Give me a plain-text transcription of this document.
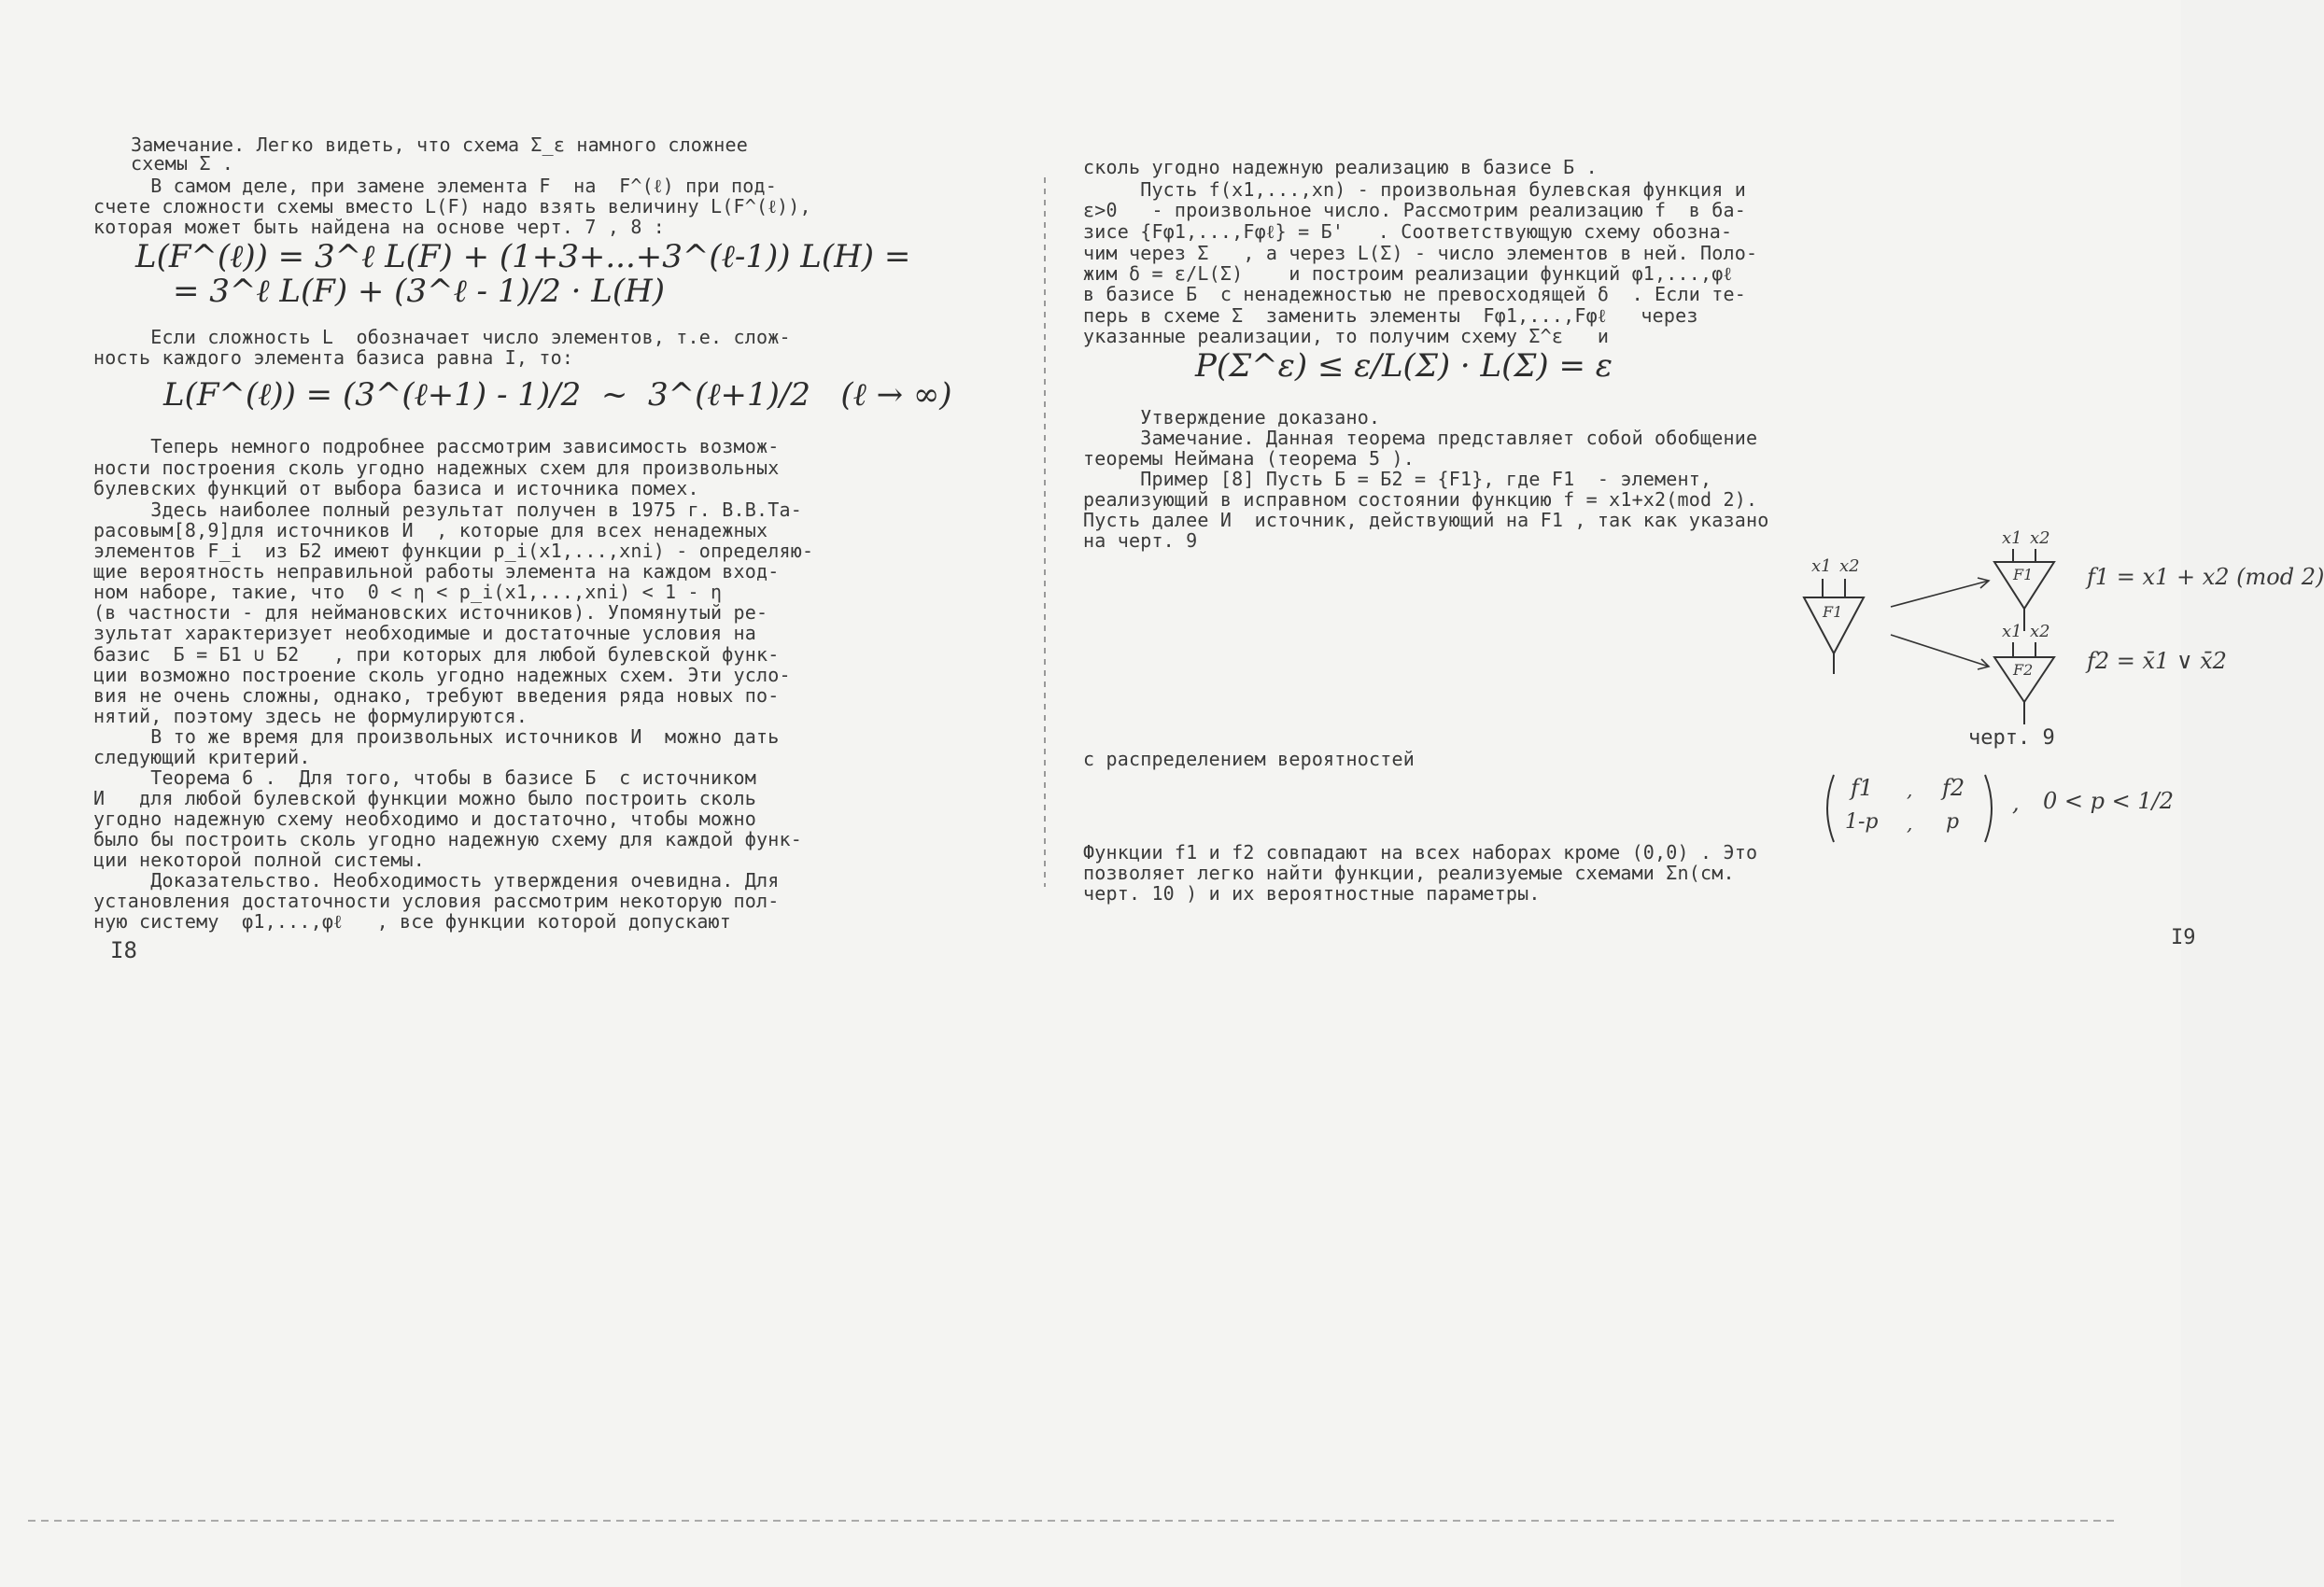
Замечание. Легко видеть, что схема Σ_ε намного сложнее
схемы Σ .
В самом деле, при замене элемента F  на  F^(ℓ) при под-
счете сложности схемы вместо L(F) надо взять величину L(F^(ℓ)),
которая может быть найдена на основе черт. 7 , 8 :
L(F^(ℓ)) = 3^ℓ L(F) + (1+3+...+3^(ℓ-1)) L(H) =
= 3^ℓ L(F) + (3^ℓ - 1)/2 · L(H)
Если сложность L  обозначает число элементов, т.е. слож-
ность каждого элемента базиса равна I, то:
L(F^(ℓ)) = (3^(ℓ+1) - 1)/2  ~  3^(ℓ+1)/2   (ℓ → ∞)
Теперь немного подробнее рассмотрим зависимость возмож-
ности построения сколь угодно надежных схем для произвольных
булевских функций от выбора базиса и источника помех.
Здесь наиболее полный результат получен в 1975 г. В.В.Та-
расовым[8,9]для источников И  , которые для всех ненадежных
элементов F_i  из Б2 имеют функции p_i(x1,...,xni) - определяю-
щие вероятность неправильной работы элемента на каждом вход-
ном наборе, такие, что  0 < η < p_i(x1,...,xni) < 1 - η
(в частности - для неймановских источников). Упомянутый ре-
зультат характеризует необходимые и достаточные условия на
базис  Б = Б1 ∪ Б2   , при которых для любой булевской функ-
ции возможно построение сколь угодно надежных схем. Эти усло-
вия не очень сложны, однако, требуют введения ряда новых по-
нятий, поэтому здесь не формулируются.
В то же время для произвольных источников И  можно дать
следующий критерий.
Теорема 6 .  Для того, чтобы в базисе Б  с источником
И   для любой булевской функции можно было построить сколь
угодно надежную схему необходимо и достаточно, чтобы можно
было бы построить сколь угодно надежную схему для каждой функ-
ции некоторой полной системы.
Доказательство. Необходимость утверждения очевидна. Для
установления достаточности условия рассмотрим некоторую пол-
ную систему  φ1,...,φℓ   , все функции которой допускают
I8
сколь угодно надежную реализацию в базисе Б .
Пусть f(x1,...,xn) - произвольная булевская функция и
ε>0   - произвольное число. Рассмотрим реализацию f  в ба-
зисе {Fφ1,...,Fφℓ} = Б'   . Соответствующую схему обозна-
чим через Σ   , а через L(Σ) - число элементов в ней. Поло-
жим δ = ε/L(Σ)    и построим реализации функций φ1,...,φℓ
в базисе Б  с ненадежностью не превосходящей δ  . Если те-
перь в схеме Σ  заменить элементы  Fφ1,...,Fφℓ   через
указанные реализации, то получим схему Σ^ε   и
P(Σ^ε) ≤ ε/L(Σ) · L(Σ) = ε
Утверждение доказано.
Замечание. Данная теорема представляет собой обобщение
теоремы Неймана (теорема 5 ).
Пример [8] Пусть Б = Б2 = {F1}, где F1  - элемент,
реализующий в исправном состоянии функцию f = x1+x2(mod 2).
Пусть далее И  источник, действующий на F1 , так как указано
на черт. 9
x1 x2
F1
x1 x2
F1
x1 x2
F2
f1 = x1 + x2 (mod 2)
f2 = x̄1 ∨ x̄2
черт. 9
с распределением вероятностей
f1 , f2
1-p , p
, 0 < p < 1/2
Функции f1 и f2 совпадают на всех наборах кроме (0,0) . Это
позволяет легко найти функции, реализуемые схемами Σn(см.
черт. 10 ) и их вероятностные параметры.
I9
